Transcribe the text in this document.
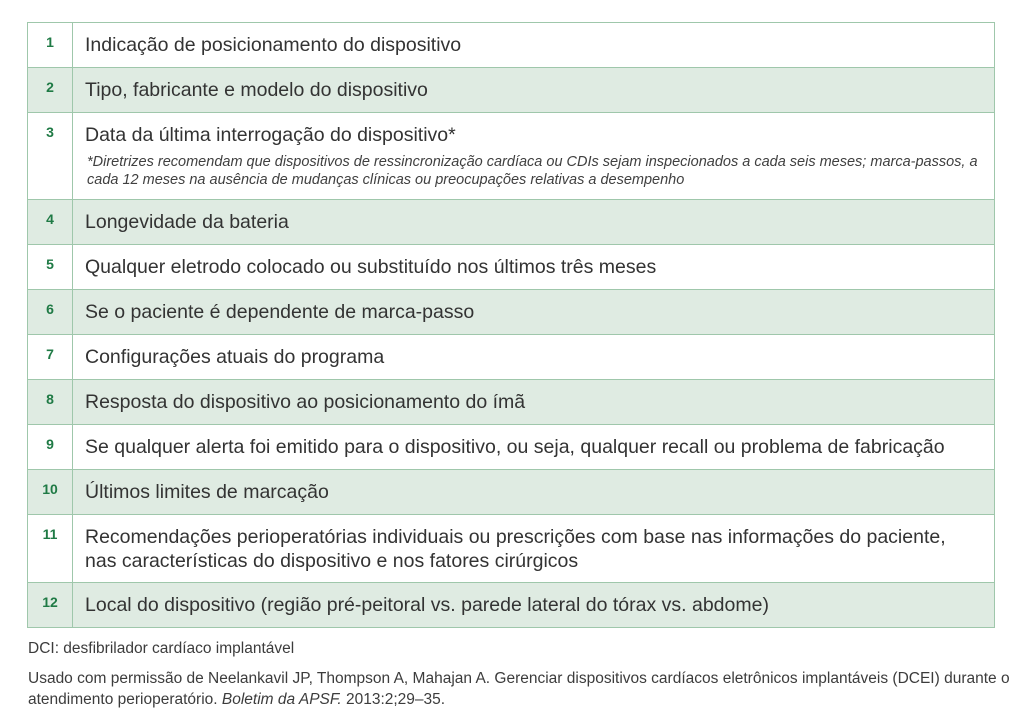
1	Indicação de posicionamento do dispositivo
2	Tipo, fabricante e modelo do dispositivo
3	Data da última interrogação do dispositivo*
*Diretrizes recomendam que dispositivos de ressincronização cardíaca ou CDIs sejam inspecionados a cada seis meses; marca-passos, a cada 12 meses na ausência de mudanças clínicas ou preocupações relativas a desempenho

4	Longevidade da bateria
5	Qualquer eletrodo colocado ou substituído nos últimos três meses
6	Se o paciente é dependente de marca-passo
7	Configurações atuais do programa
8	Resposta do dispositivo ao posicionamento do ímã
9	Se qualquer alerta foi emitido para o dispositivo, ou seja, qualquer recall ou problema de fabricação
10	Últimos limites de marcação
11	Recomendações perioperatórias individuais ou prescrições com base nas informações do paciente, nas características do dispositivo e nos fatores cirúrgicos
12	Local do dispositivo (região pré-peitoral vs. parede lateral do tórax vs. abdome)
DCI: desfibrilador cardíaco implantável
Usado com permissão de Neelankavil JP, Thompson A, Mahajan A. Gerenciar dispositivos cardíacos eletrônicos implantáveis (DCEI) durante o atendimento perioperatório. Boletim da APSF. 2013:2;29–35.
